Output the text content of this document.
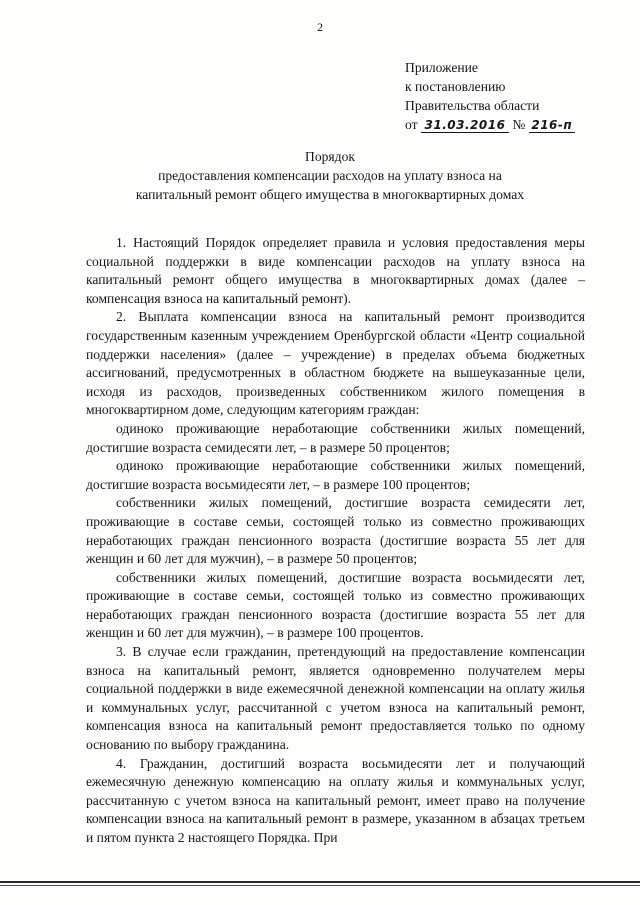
2
Приложение
к постановлению
Правительства области
от 31.03.2016 № 216-п
Порядок
предоставления компенсации расходов на уплату взноса на
капитальный ремонт общего имущества в многоквартирных домах

1. Настоящий Порядок определяет правила и условия предоставления меры социальной поддержки в виде компенсации расходов на уплату взноса на капитальный ремонт общего имущества в многоквартирных домах (далее – компенсация взноса на капитальный ремонт).

2. Выплата компенсации взноса на капитальный ремонт производится государственным казенным учреждением Оренбургской области «Центр социальной поддержки населения» (далее – учреждение) в пределах объема бюджетных ассигнований, предусмотренных в областном бюджете на вышеуказанные цели, исходя из расходов, произведенных собственником жилого помещения в многоквартирном доме, следующим категориям граждан:

одиноко проживающие неработающие собственники жилых помещений, достигшие возраста семидесяти лет, – в размере 50 процентов;

одиноко проживающие неработающие собственники жилых помещений, достигшие возраста восьмидесяти лет, – в размере 100 процентов;

собственники жилых помещений, достигшие возраста семидесяти лет, проживающие в составе семьи, состоящей только из совместно проживающих неработающих граждан пенсионного возраста (достигшие возраста 55 лет для женщин и 60 лет для мужчин), – в размере 50 процентов;

собственники жилых помещений, достигшие возраста восьмидесяти лет, проживающие в составе семьи, состоящей только из совместно проживающих неработающих граждан пенсионного возраста (достигшие возраста 55 лет для женщин и 60 лет для мужчин), – в размере 100 процентов.

3. В случае если гражданин, претендующий на предоставление компенсации взноса на капитальный ремонт, является одновременно получателем меры социальной поддержки в виде ежемесячной денежной компенсации на оплату жилья и коммунальных услуг, рассчитанной с учетом взноса на капитальный ремонт, компенсация взноса на капитальный ремонт предоставляется только по одному основанию по выбору гражданина.

4. Гражданин, достигший возраста восьмидесяти лет и получающий ежемесячную денежную компенсацию на оплату жилья и коммунальных услуг, рассчитанную с учетом взноса на капитальный ремонт, имеет право на получение компенсации взноса на капитальный ремонт в размере, указанном в абзацах третьем и пятом пункта 2 настоящего Порядка. При
